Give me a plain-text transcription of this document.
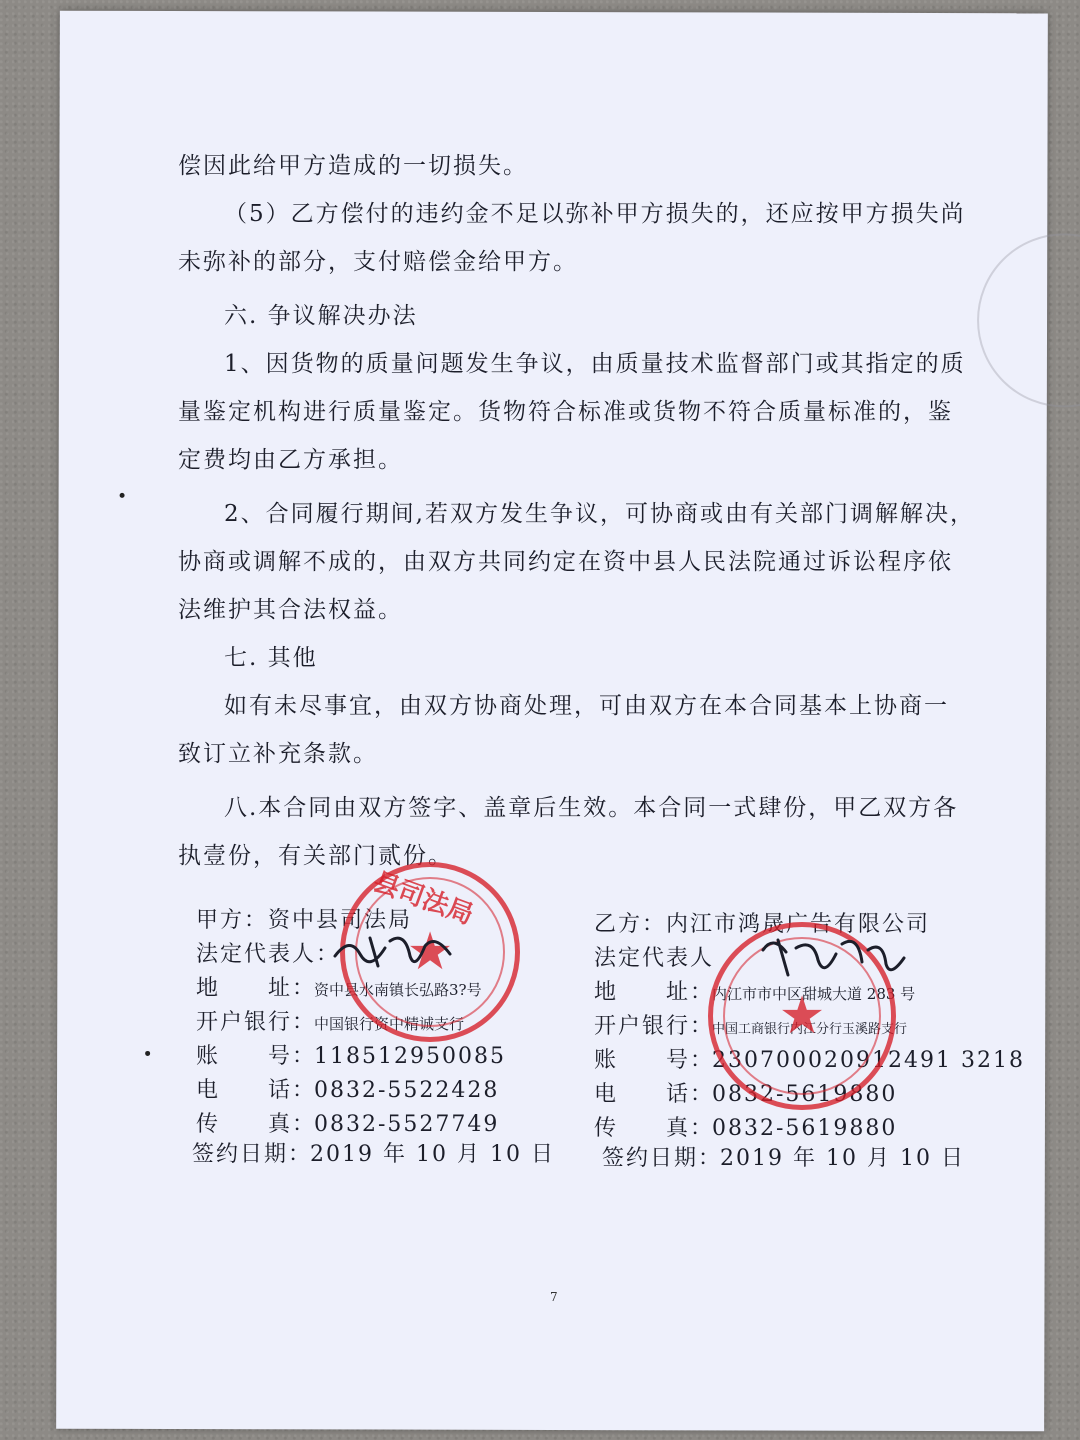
偿因此给甲方造成的一切损失。

（5）乙方偿付的违约金不足以弥补甲方损失的，还应按甲方损失尚

未弥补的部分，支付赔偿金给甲方。

六. 争议解决办法

1、因货物的质量问题发生争议，由质量技术监督部门或其指定的质

量鉴定机构进行质量鉴定。货物符合标准或货物不符合质量标准的，鉴

定费均由乙方承担。

2、合同履行期间,若双方发生争议，可协商或由有关部门调解解决，

协商或调解不成的，由双方共同约定在资中县人民法院通过诉讼程序依

法维护其合法权益。

七. 其他

如有未尽事宜，由双方协商处理，可由双方在本合同基本上协商一

致订立补充条款。

八.本合同由双方签字、盖章后生效。本合同一式肆份，甲乙双方各

执壹份，有关部门贰份。

甲方：资中县司法局
法定代表人：
地　　址：资中县水南镇长弘路3?号
开户银行：中国银行资中精诚支行
账　　号：118512950085
电　　话：0832-5522428
传　　真：0832-5527749
签约日期：2019 年 10 月 10 日
乙方：内江市鸿晟广告有限公司
法定代表人
地　　址：内江市市中区甜城大道 283 号
开户银行：中国工商银行内江分行玉溪路支行
账　　号：230700020912491 3218
电　　话：0832-5619880
传　　真：0832-5619880
签约日期：2019 年 10 月 10 日
★
县司法局
★
7
